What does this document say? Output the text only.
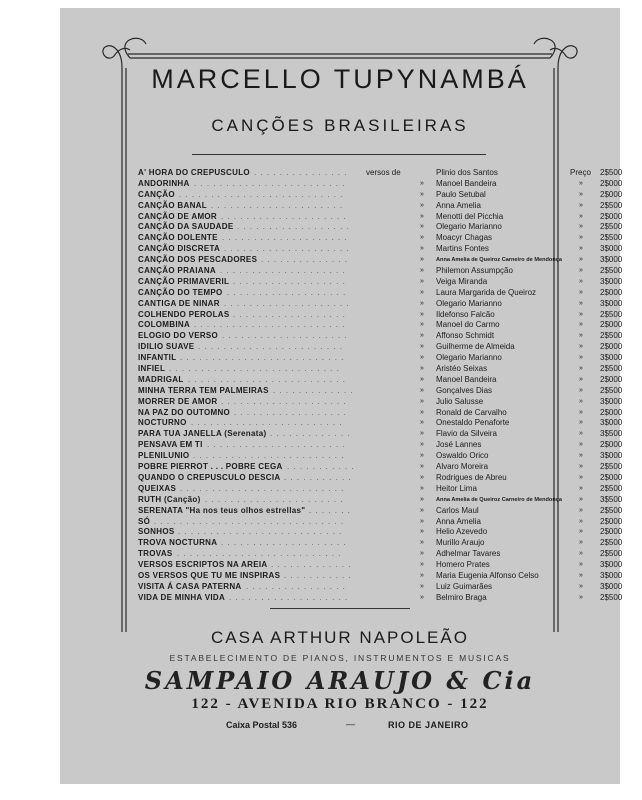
MARCELLO TUPYNAMBÁ
CANÇÕES BRASILEIRAS
A' HORA DO CREPUSCULO . . . . . . . . . . . . . . . versos de	Plinio dos Santos	Preço 2$500
ANDORINHA . . . . . . . . . . . . . . . . . . . . . . . .	» Manoel Bandeira	» 2$000
CANÇÃO . . . . . . . . . . . . . . . . . . . . . . . . . .	» Paulo Setubal	» 2$000
CANÇÃO BANAL . . . . . . . . . . . . . . . . . . . . .	» Anna Amelia	» 2$500
CANÇÃO DE AMOR . . . . . . . . . . . . . . . . . . . .	» Menotti del Picchia	» 2$000
CANÇÃO DA SAUDADE . . . . . . . . . . . . . . . . . .	» Olegario Marianno	» 2$500
CANÇÃO DOLENTE . . . . . . . . . . . . . . . . . . . .	» Moacyr Chagas	» 2$500
CANÇÃO DISCRETA . . . . . . . . . . . . . . . . . . . .	» Martins Fontes	» 3$000
CANÇÃO DOS PESCADORES . . . . . . . . . . . . . .	» Anna Amelia de Queiroz Carneiro de Mendonça » 3$000
CANÇÃO PRAIANA . . . . . . . . . . . . . . . . . . . .	» Philemon Assumpção	» 2$500
CANÇÃO PRIMAVERIL . . . . . . . . . . . . . . . . . .	» Veiga Miranda	» 3$000
CANÇÃO DO TEMPO . . . . . . . . . . . . . . . . . . .	» Laura Margarida de Queiroz	» 2$000
CANTIGA DE NINAR . . . . . . . . . . . . . . . . . . . .	» Olegario Marianno	» 3$000
COLHENDO PEROLAS . . . . . . . . . . . . . . . . . .	» Ildefonso Falcão	» 2$500
COLOMBINA . . . . . . . . . . . . . . . . . . . . . . . .	» Manoel do Carmo	» 2$000
ELOGIO DO VERSO . . . . . . . . . . . . . . . . . . . .	» Affonso Schmidt	» 2$500
IDILIO SUAVE . . . . . . . . . . . . . . . . . . . . . . .	» Guilherme de Almeida	» 2$000
INFANTIL . . . . . . . . . . . . . . . . . . . . . . . . . .	» Olegario Marianno	» 3$000
INFIEL . . . . . . . . . . . . . . . . . . . . . . . . . . .	» Aristéo Seixas	» 2$500
MADRIGAL . . . . . . . . . . . . . . . . . . . . . . . . .	» Manoel Bandeira	» 2$000
MINHA TERRA TEM PALMEIRAS . . . . . . . . . . . . .	» Gonçalves Dias	» 2$500
MORRER DE AMOR . . . . . . . . . . . . . . . . . . . .	» Julio Salusse	» 3$000
NA PAZ DO OUTOMNO . . . . . . . . . . . . . . . . . .	» Ronald de Carvalho	» 2$000
NOCTURNO . . . . . . . . . . . . . . . . . . . . . . . .	» Onestaldo Penaforte	» 3$000
PARA TUA JANELLA (Serenata) . . . . . . . . . . . . .	» Flavio da Silveira	» 3$500
PENSAVA EM TI . . . . . . . . . . . . . . . . . . . . . .	» José Lannes	» 2$000
PLENILUNIO . . . . . . . . . . . . . . . . . . . . . . . .	» Oswaldo Orico	» 3$000
POBRE PIERROT . . . POBRE CEGA . . . . . . . . . . .	» Alvaro Moreira	» 2$500
QUANDO O CREPUSCULO DESCIA . . . . . . . . . . .	» Rodrigues de Abreu	» 2$000
QUEIXAS . . . . . . . . . . . . . . . . . . . . . . . . . .	» Heitor Lima	» 2$500
RUTH (Canção) . . . . . . . . . . . . . . . . . . . . . .	» Anna Amelia de Queiroz Carneiro de Mendonça » 3$500
SERENATA "Ha nos teus olhos estrellas" . . . . . . .	» Carlos Maul	» 2$500
SÓ . . . . . . . . . . . . . . . . . . . . . . . . . . . . . .	» Anna Amelia	» 2$000
SONHOS . . . . . . . . . . . . . . . . . . . . . . . . . .	» Helio Azevedo	» 2$000
TROVA NOCTURNA . . . . . . . . . . . . . . . . . . . .	» Murillo Araujo	» 2$500
TROVAS . . . . . . . . . . . . . . . . . . . . . . . . . .	» Adhelmar Tavares	» 2$500
VERSOS ESCRIPTOS NA AREIA . . . . . . . . . . . . .	» Homero Prates	» 3$000
OS VERSOS QUE TU ME INSPIRAS . . . . . . . . . . .	» Maria Eugenia Alfonso Celso	» 3$000
VISITA Á CASA PATERNA . . . . . . . . . . . . . . . .	» Luiz Guimarães	» 3$000
VIDA DE MINHA VIDA . . . . . . . . . . . . . . . . . . .	» Belmiro Braga	» 2$500
CASA ARTHUR NAPOLEÃO
ESTABELECIMENTO DE PIANOS, INSTRUMENTOS E MUSICAS
SAMPAIO ARAUJO & Cia
122 - AVENIDA RIO BRANCO - 122
Caixa Postal 536	—	RIO DE JANEIRO
